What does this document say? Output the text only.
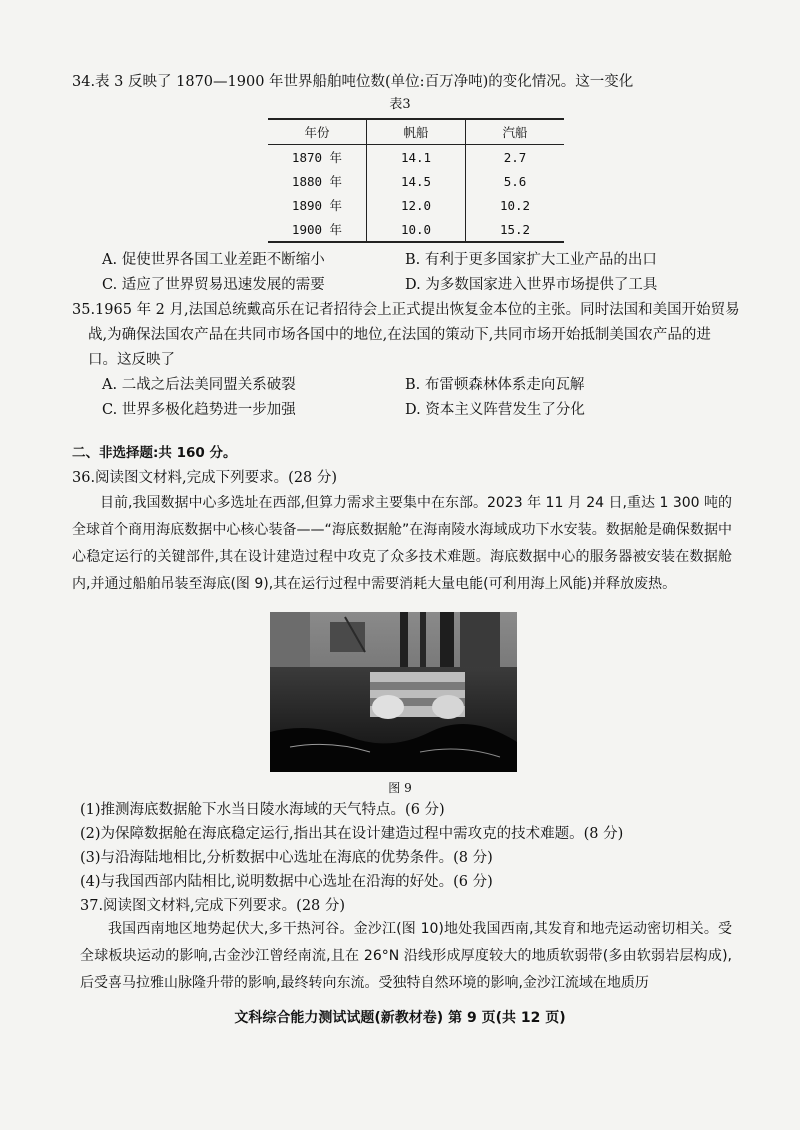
34.表 3 反映了 1870—1900 年世界船舶吨位数(单位:百万净吨)的变化情况。这一变化
表3
年份	帆船	汽船
1870 年	14.1	2.7
1880 年	14.5	5.6
1890 年	12.0	10.2
1900 年	10.0	15.2
A. 促使世界各国工业差距不断缩小	B. 有利于更多国家扩大工业产品的出口
C. 适应了世界贸易迅速发展的需要	D. 为多数国家进入世界市场提供了工具
35.1965 年 2 月,法国总统戴高乐在记者招待会上正式提出恢复金本位的主张。同时法国和美国开始贸易
战,为确保法国农产品在共同市场各国中的地位,在法国的策动下,共同市场开始抵制美国农产品的进
口。这反映了
A. 二战之后法美同盟关系破裂	B. 布雷顿森林体系走向瓦解
C. 世界多极化趋势进一步加强	D. 资本主义阵营发生了分化
二、非选择题:共 160 分。
36.阅读图文材料,完成下列要求。(28 分)

目前,我国数据中心多选址在西部,但算力需求主要集中在东部。2023 年 11 月 24 日,重达 1 300 吨的全球首个商用海底数据中心核心装备——“海底数据舱”在海南陵水海域成功下水安装。数据舱是确保数据中心稳定运行的关键部件,其在设计建造过程中攻克了众多技术难题。海底数据中心的服务器被安装在数据舱内,并通过船舶吊装至海底(图 9),其在运行过程中需要消耗大量电能(可利用海上风能)并释放废热。

图 9
(1)推测海底数据舱下水当日陵水海域的天气特点。(6 分)
(2)为保障数据舱在海底稳定运行,指出其在设计建造过程中需攻克的技术难题。(8 分)
(3)与沿海陆地相比,分析数据中心选址在海底的优势条件。(8 分)
(4)与我国西部内陆相比,说明数据中心选址在沿海的好处。(6 分)
37.阅读图文材料,完成下列要求。(28 分)

我国西南地区地势起伏大,多干热河谷。金沙江(图 10)地处我国西南,其发育和地壳运动密切相关。受全球板块运动的影响,古金沙江曾经南流,且在 26°N 沿线形成厚度较大的地质软弱带(多由软弱岩层构成),后受喜马拉雅山脉隆升带的影响,最终转向东流。受独特自然环境的影响,金沙江流域在地质历

文科综合能力测试试题(新教材卷) 第 9 页(共 12 页)
